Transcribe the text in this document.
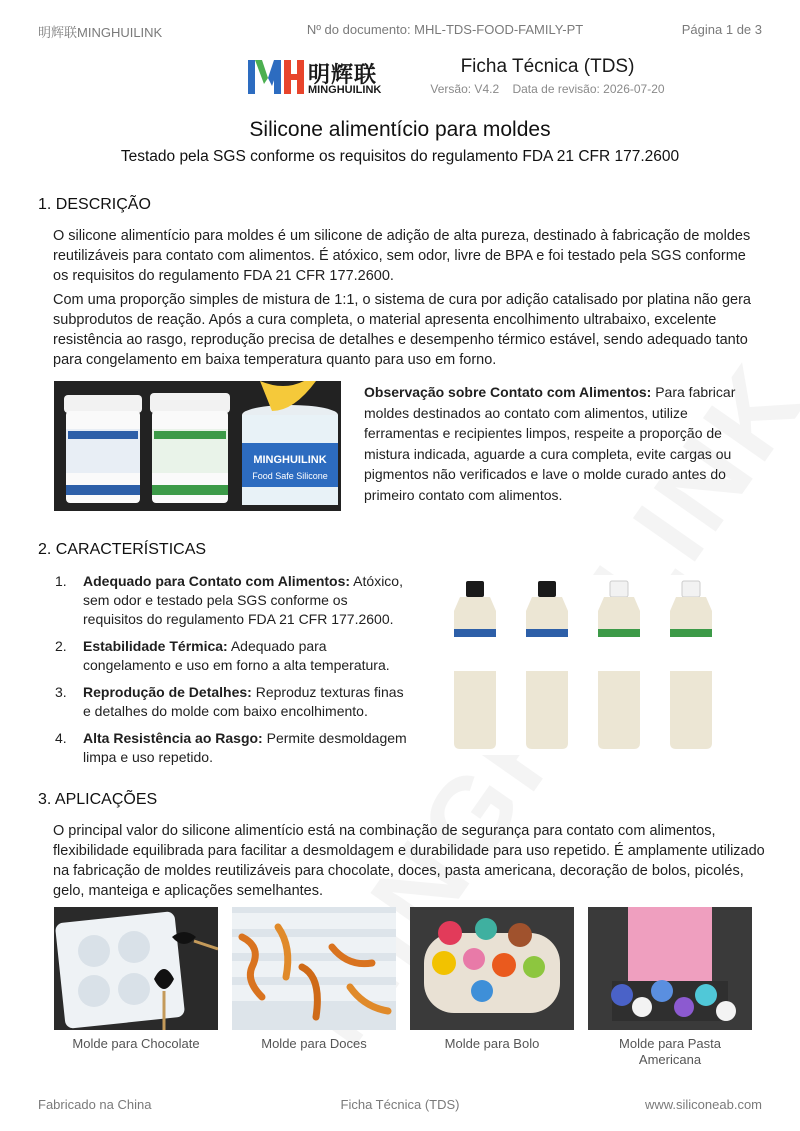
明辉联MINGHUILINK	Nº do documento: MHL-TDS-FOOD-FAMILY-PT	Página 1 de 3
明辉联
MINGHUILINK
Ficha Técnica (TDS)
Versão: V4.2 Data de revisão: 2026-07-20
Silicone alimentício para moldes
Testado pela SGS conforme os requisitos do regulamento FDA 21 CFR 177.2600
1. DESCRIÇÃO
O silicone alimentício para moldes é um silicone de adição de alta pureza, destinado à fabricação de moldes reutilizáveis para contato com alimentos. É atóxico, sem odor, livre de BPA e foi testado pela SGS conforme os requisitos do regulamento FDA 21 CFR 177.2600.
Com uma proporção simples de mistura de 1:1, o sistema de cura por adição catalisado por platina não gera subprodutos de reação. Após a cura completa, o material apresenta encolhimento ultrabaixo, excelente resistência ao rasgo, reprodução precisa de detalhes e desempenho térmico estável, sendo adequado tanto para congelamento em baixa temperatura quanto para uso em forno.
MINGHUILINK
Food Safe Silicone
Observação sobre Contato com Alimentos: Para fabricar moldes destinados ao contato com alimentos, utilize ferramentas e recipientes limpos, respeite a proporção de mistura indicada, aguarde a cura completa, evite cargas ou pigmentos não verificados e lave o molde curado antes do primeiro contato com alimentos.
2. CARACTERÍSTICAS
1. Adequado para Contato com Alimentos: Atóxico, sem odor e testado pela SGS conforme os requisitos do regulamento FDA 21 CFR 177.2600.
2. Estabilidade Térmica: Adequado para congelamento e uso em forno a alta temperatura.
3. Reprodução de Detalhes: Reproduz texturas finas e detalhes do molde com baixo encolhimento.
4. Alta Resistência ao Rasgo: Permite desmoldagem limpa e uso repetido.
3. APLICAÇÕES
O principal valor do silicone alimentício está na combinação de segurança para contato com alimentos, flexibilidade equilibrada para facilitar a desmoldagem e durabilidade para uso repetido. É amplamente utilizado na fabricação de moldes reutilizáveis para chocolate, doces, pasta americana, decoração de bolos, picolés, gelo, manteiga e aplicações semelhantes.
Molde para Chocolate	Molde para Doces	Molde para Bolo	Molde para Pasta Americana
Fabricado na China	Ficha Técnica (TDS)	www.siliconeab.com
